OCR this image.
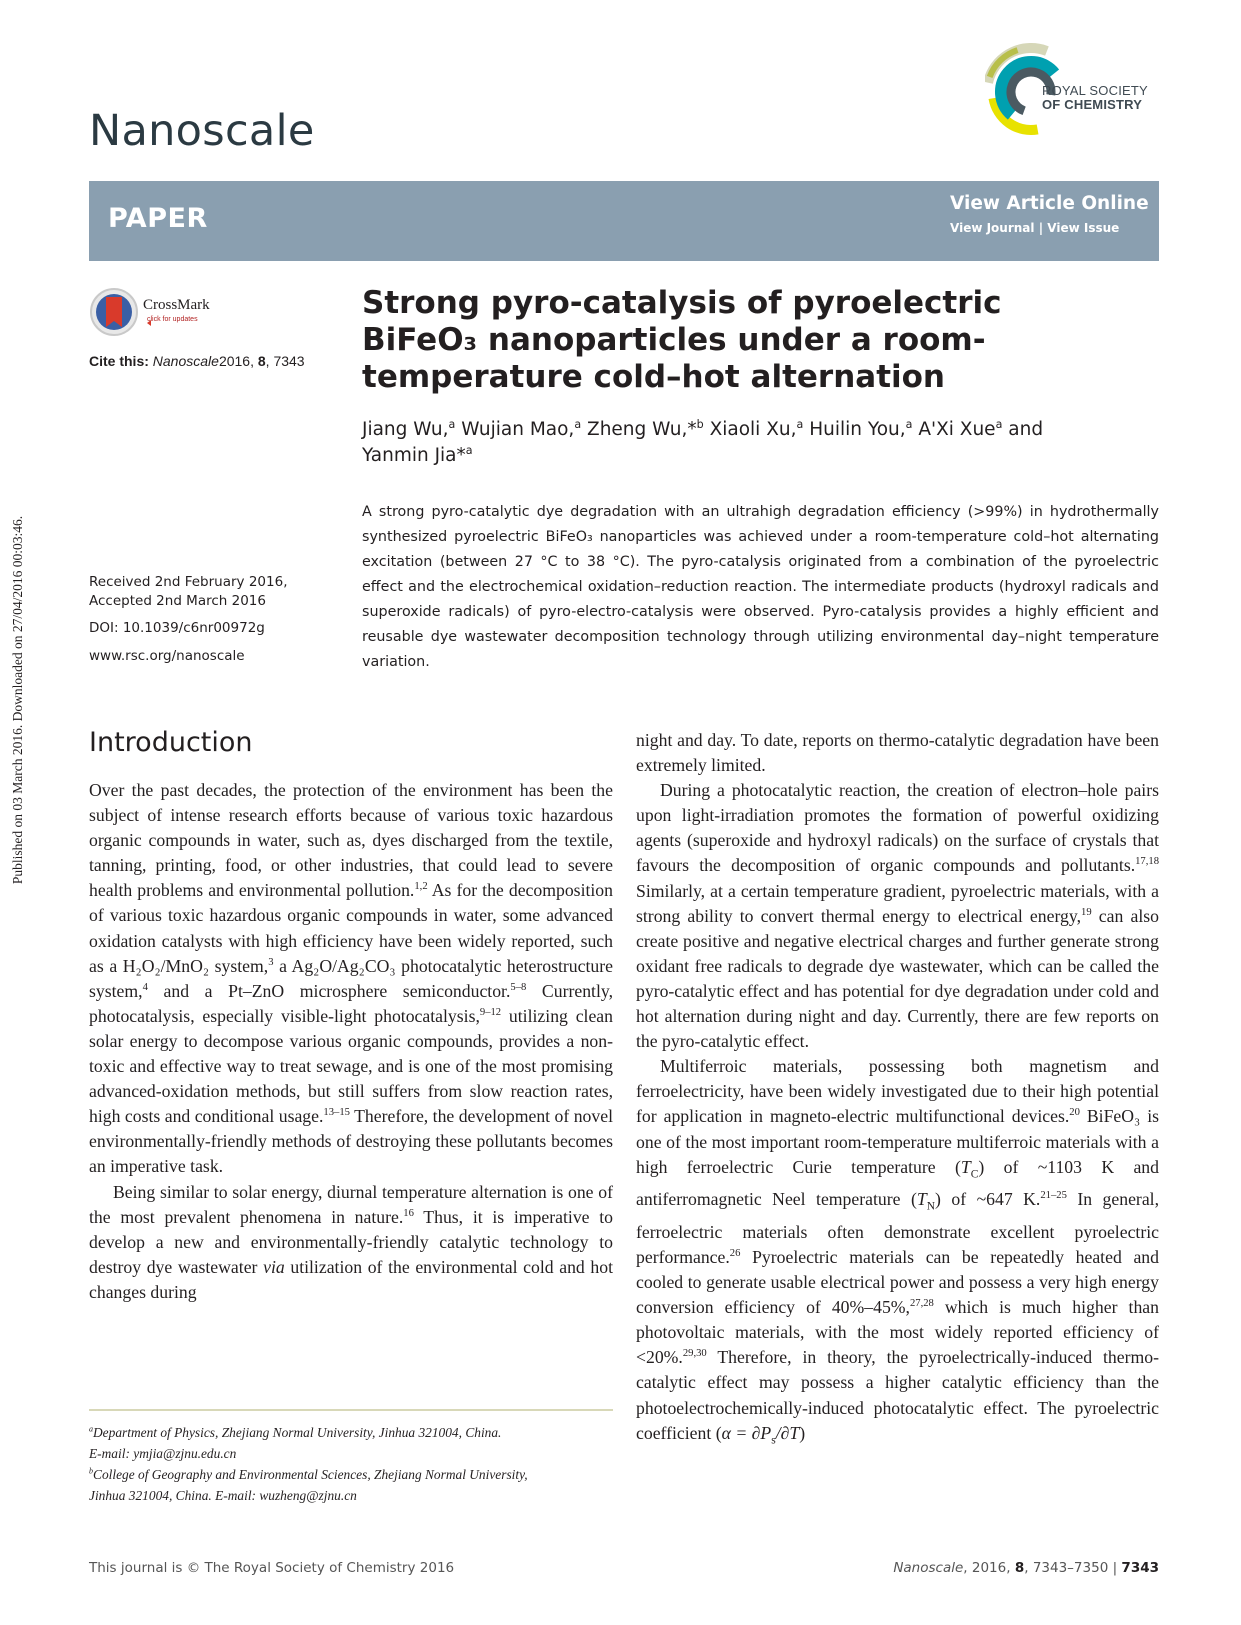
Published on 03 March 2016. Downloaded on 27/04/2016 00:03:46.
Nanoscale
ROYAL SOCIETY
OF CHEMISTRY
PAPER	View Article Online
View Journal | View Issue
CrossMark
click for updates
Cite this: Nanoscale2016, 8, 7343
Strong pyro-catalysis of pyroelectric BiFeO₃ nanoparticles under a room-temperature cold–hot alternation
Jiang Wu,$^a$ Wujian Mao,$^a$ Zheng Wu,*$^b$ Xiaoli Xu,$^a$ Huilin You,$^a$ A'Xi Xue$^a$ and
Yanmin Jia*$^a$
Received 2nd February 2016,
Accepted 2nd March 2016
DOI: 10.1039/c6nr00972g
www.rsc.org/nanoscale
A strong pyro-catalytic dye degradation with an ultrahigh degradation efficiency (>99%) in hydrothermally synthesized pyroelectric BiFeO₃ nanoparticles was achieved under a room-temperature cold–hot alternating excitation (between 27 °C to 38 °C). The pyro-catalysis originated from a combination of the pyroelectric effect and the electrochemical oxidation–reduction reaction. The intermediate products (hydroxyl radicals and superoxide radicals) of pyro-electro-catalysis were observed. Pyro-catalysis provides a highly efficient and reusable dye wastewater decomposition technology through utilizing environmental day–night temperature variation.
Introduction

Over the past decades, the protection of the environment has been the subject of intense research efforts because of various toxic hazardous organic compounds in water, such as, dyes discharged from the textile, tanning, printing, food, or other industries, that could lead to severe health problems and environmental pollution.$^{1,2}$ As for the decomposition of various toxic hazardous organic compounds in water, some advanced oxidation catalysts with high efficiency have been widely reported, such as a H₂O₂/MnO₂ system,$^3$ a Ag₂O/Ag₂CO₃ photocatalytic heterostructure system,$^4$ and a Pt–ZnO microsphere semiconductor.$^{5-8}$ Currently, photocatalysis, especially visible-light photocatalysis,$^{9-12}$ utilizing clean solar energy to decompose various organic compounds, provides a non-toxic and effective way to treat sewage, and is one of the most promising advanced-oxidation methods, but still suffers from slow reaction rates, high costs and conditional usage.$^{13-15}$ Therefore, the development of novel environmentally-friendly methods of destroying these pollutants becomes an imperative task.

Being similar to solar energy, diurnal temperature alternation is one of the most prevalent phenomena in nature.$^{16}$ Thus, it is imperative to develop a new and environmentally-friendly catalytic technology to destroy dye wastewater via utilization of the environmental cold and hot changes during

night and day. To date, reports on thermo-catalytic degradation have been extremely limited.

During a photocatalytic reaction, the creation of electron–hole pairs upon light-irradiation promotes the formation of powerful oxidizing agents (superoxide and hydroxyl radicals) on the surface of crystals that favours the decomposition of organic compounds and pollutants.$^{17,18}$ Similarly, at a certain temperature gradient, pyroelectric materials, with a strong ability to convert thermal energy to electrical energy,$^{19}$ can also create positive and negative electrical charges and further generate strong oxidant free radicals to degrade dye wastewater, which can be called the pyro-catalytic effect and has potential for dye degradation under cold and hot alternation during night and day. Currently, there are few reports on the pyro-catalytic effect.

Multiferroic materials, possessing both magnetism and ferroelectricity, have been widely investigated due to their high potential for application in magneto-electric multifunctional devices.$^{20}$ BiFeO₃ is one of the most important room-temperature multiferroic materials with a high ferroelectric Curie temperature $(T_C)$ of ~1103 K and antiferromagnetic Neel temperature $(T_N)$ of ~647 K.$^{21-25}$ In general, ferroelectric materials often demonstrate excellent pyroelectric performance.$^{26}$ Pyroelectric materials can be repeatedly heated and cooled to generate usable electrical power and possess a very high energy conversion efficiency of 40%–45%,$^{27,28}$ which is much higher than photovoltaic materials, with the most widely reported efficiency of <20%.$^{29,30}$ Therefore, in theory, the pyroelectrically-induced thermo-catalytic effect may possess a higher catalytic efficiency than the photoelectrochemically-induced photocatalytic effect. The pyroelectric coefficient $(\alpha = \partial P_s/\partial T)$

$^a$Department of Physics, Zhejiang Normal University, Jinhua 321004, China.
E-mail: ymjia@zjnu.edu.cn
$^b$College of Geography and Environmental Sciences, Zhejiang Normal University,
Jinhua 321004, China. E-mail: wuzheng@zjnu.cn
This journal is © The Royal Society of Chemistry 2016	Nanoscale, 2016, 8, 7343–7350 | 7343
